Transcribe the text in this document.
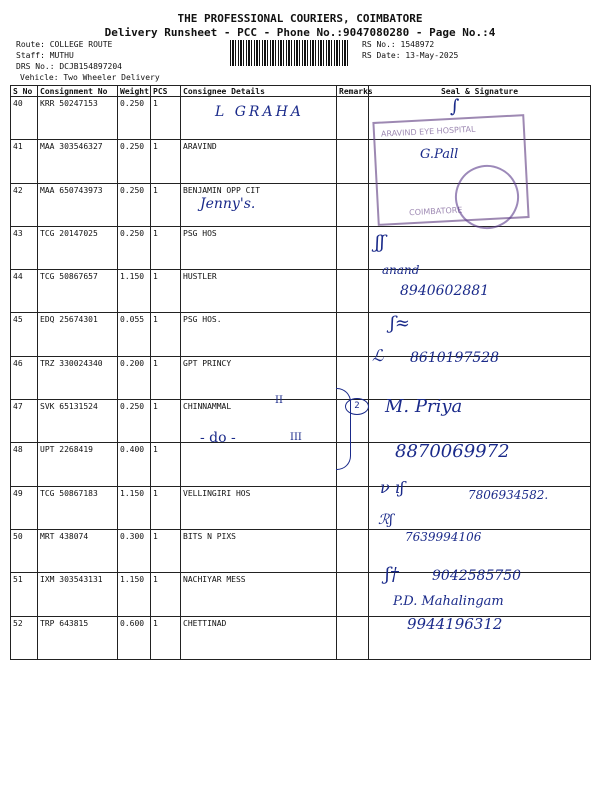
THE PROFESSIONAL COURIERS, COIMBATORE
Delivery Runsheet - PCC - Phone No.:9047080280 - Page No.:4
Route: COLLEGE ROUTE
Staff: MUTHU
DRS No.: DCJB154897204
Vehicle: Two Wheeler Delivery
RS No.: 1548972
RS Date: 13-May-2025
S No	Consignment No	Weight	PCS	Consignee Details	Remarks	Seal & Signature
40	KRR 50247153	0.250	1			
41	MAA 303546327	0.250	1	ARAVIND		
42	MAA 650743973	0.250	1	BENJAMIN OPP CIT		
43	TCG 20147025	0.250	1	PSG HOS		
44	TCG 50867657	1.150	1	HUSTLER		
45	EDQ 25674301	0.055	1	PSG HOS.		
46	TRZ 330024340	0.200	1	GPT PRINCY		
47	SVK 65131524	0.250	1	CHINNAMMAL		
48	UPT 2268419	0.400	1			
49	TCG 50867183	1.150	1	VELLINGIRI HOS		
50	MRT 438074	0.300	1	BITS N PIXS		
51	IXM 303543131	1.150	1	NACHIYAR MESS		
52	TRP 643815	0.600	1	CHETTINAD		
ARAVIND EYE HOSPITAL
COIMBATORE
L GRAHA
Jenny's.
II
- do -	III
2
∫
G.Pall
ʃʃ
anand
8940602881
ʃ≈
ℒ 8610197528
M. Priya
8870069972
ν ıʃ	7806934582.
ℛʃ
7639994106
ʃ† 9042585750
P.D. Mahalingam
9944196312
